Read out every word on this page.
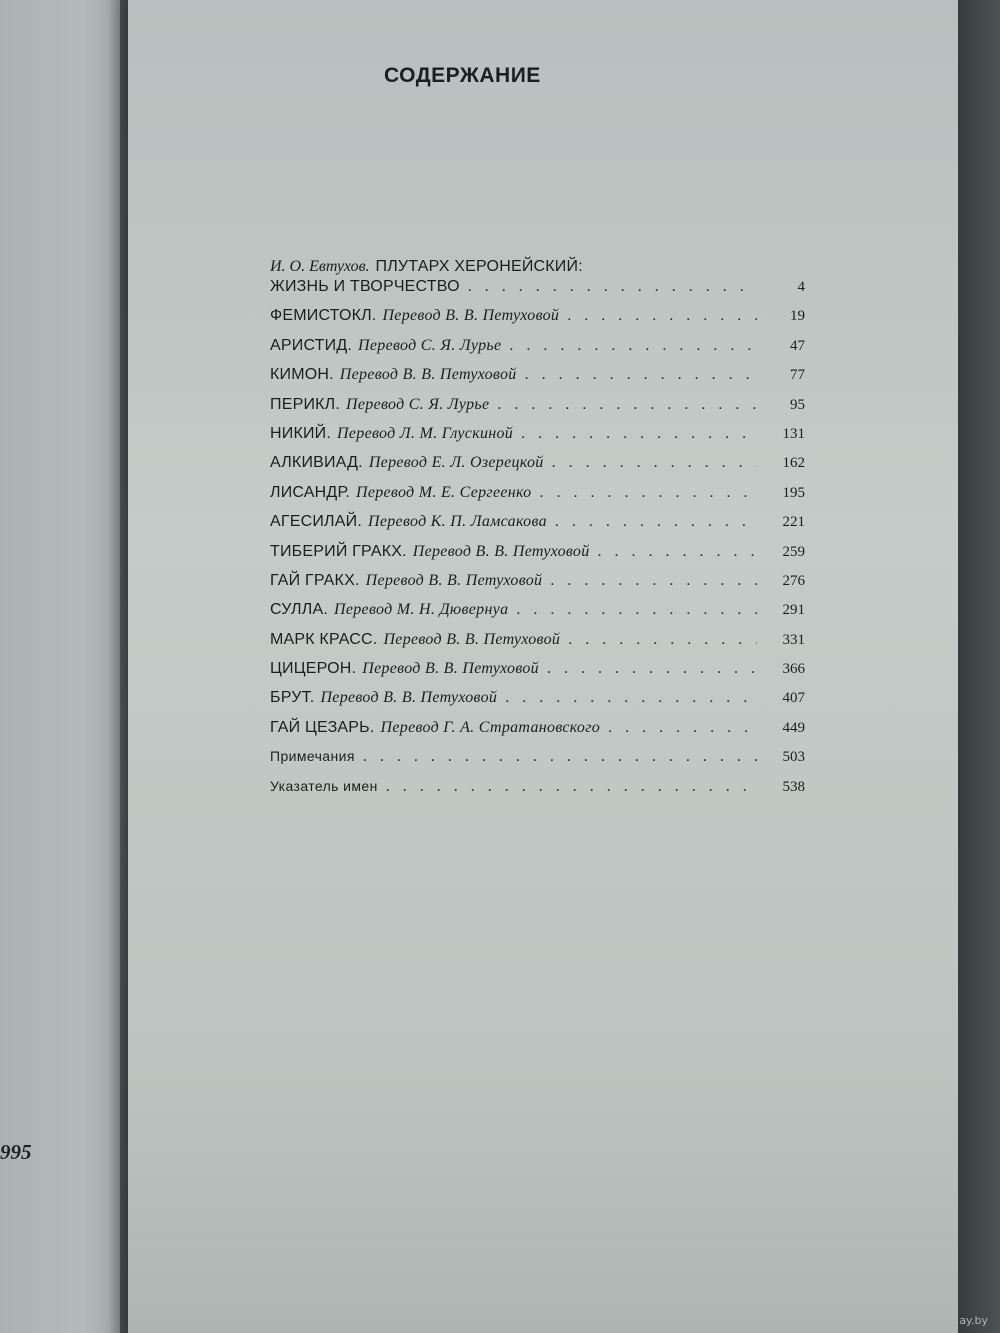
995
СОДЕРЖАНИЕ
И. О. Евтухов. ПЛУТАРХ ХЕРОНЕЙСКИЙ:
ЖИЗНЬ И ТВОРЧЕСТВО . . .	4
ФЕМИСТОКЛ. Перевод В. В. Петуховой . . .	19
АРИСТИД. Перевод С. Я. Лурье . . .	47
КИМОН. Перевод В. В. Петуховой . . .	77
ПЕРИКЛ. Перевод С. Я. Лурье . . .	95
НИКИЙ. Перевод Л. М. Глускиной . . .	131
АЛКИВИАД. Перевод Е. Л. Озерецкой . . .	162
ЛИСАНДР. Перевод М. Е. Сергеенко . . .	195
АГЕСИЛАЙ. Перевод К. П. Ламсакова . . .	221
ТИБЕРИЙ ГРАКХ. Перевод В. В. Петуховой . . .	259
ГАЙ ГРАКХ. Перевод В. В. Петуховой . . .	276
СУЛЛА. Перевод М. Н. Дювернуа . . .	291
МАРК КРАСС. Перевод В. В. Петуховой . . .	331
ЦИЦЕРОН. Перевод В. В. Петуховой . . .	366
БРУТ. Перевод В. В. Петуховой . . .	407
ГАЙ ЦЕЗАРЬ. Перевод Г. А. Стратановского . . .	449
Примечания . . .	503
Указатель имен . . .	538
www.ay.by
